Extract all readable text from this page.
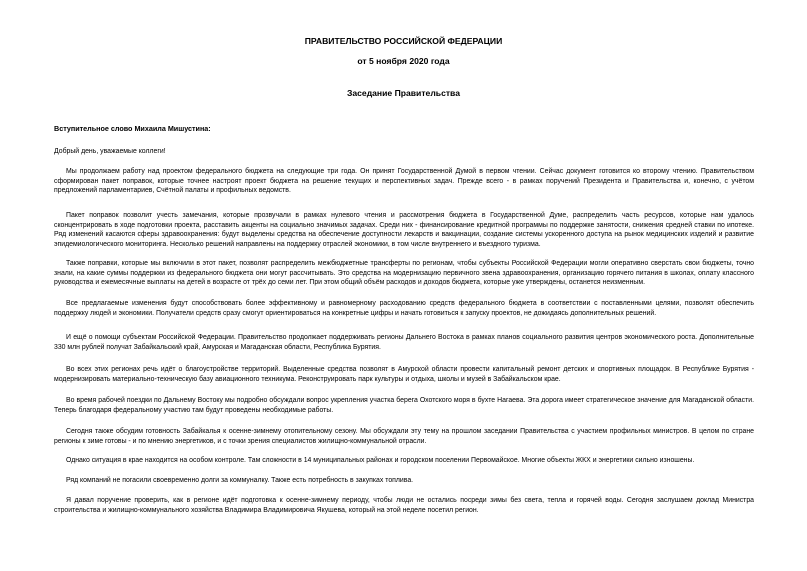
ПРАВИТЕЛЬСТВО РОССИЙСКОЙ ФЕДЕРАЦИИ
от 5 ноября 2020 года
Заседание Правительства

Вступительное слово Михаила Мишустина:

Добрый день, уважаемые коллеги!

Мы продолжаем работу над проектом федерального бюджета на следующие три года. Он принят Государственной Думой в первом чтении. Сейчас документ готовится ко второму чтению. Правительством сформирован пакет поправок, которые точнее настроят проект бюджета на решение текущих и перспективных задач. Прежде всего - в рамках поручений Президента и Правительства и, конечно, с учётом предложений парламентариев, Счётной палаты и профильных ведомств.

Пакет поправок позволит учесть замечания, которые прозвучали в рамках нулевого чтения и рассмотрения бюджета в Государственной Думе, распределить часть ресурсов, которые нам удалось сконцентрировать в ходе подготовки проекта, расставить акценты на социально значимых задачах. Среди них - финансирование кредитной программы по поддержке занятости, снижения средней ставки по ипотеке. Ряд изменений касаются сферы здравоохранения: будут выделены средства на обеспечение доступности лекарств и вакцинации, создание системы ускоренного доступа на рынок медицинских изделий и развитие эпидемиологического мониторинга. Несколько решений направлены на поддержку отраслей экономики, в том числе внутреннего и въездного туризма.

Также поправки, которые мы включили в этот пакет, позволят распределить межбюджетные трансферты по регионам, чтобы субъекты Российской Федерации могли оперативно сверстать свои бюджеты, точно знали, на какие суммы поддержки из федерального бюджета они могут рассчитывать. Это средства на модернизацию первичного звена здравоохранения, организацию горячего питания в школах, оплату классного руководства и ежемесячные выплаты на детей в возрасте от трёх до семи лет. При этом общий объём расходов и доходов бюджета, которые уже утверждены, останется неизменным.

Все предлагаемые изменения будут способствовать более эффективному и равномерному расходованию средств федерального бюджета в соответствии с поставленными целями, позволят обеспечить поддержку людей и экономики. Получатели средств сразу смогут ориентироваться на конкретные цифры и начать готовиться к запуску проектов, не дожидаясь дополнительных решений.

И ещё о помощи субъектам Российской Федерации. Правительство продолжает поддерживать регионы Дальнего Востока в рамках планов социального развития центров экономического роста. Дополнительные 330 млн рублей получат Забайкальский край, Амурская и Магаданская области, Республика Бурятия.

Во всех этих регионах речь идёт о благоустройстве территорий. Выделенные средства позволят в Амурской области провести капитальный ремонт детских и спортивных площадок. В Республике Бурятия - модернизировать материально-техническую базу авиационного техникума. Реконструировать парк культуры и отдыха, школы и музей в Забайкальском крае.

Во время рабочей поездки по Дальнему Востоку мы подробно обсуждали вопрос укрепления участка берега Охотского моря в бухте Нагаева. Эта дорога имеет стратегическое значение для Магаданской области. Теперь благодаря федеральному участию там будут проведены необходимые работы.

Сегодня также обсудим готовность Забайкалья к осенне-зимнему отопительному сезону. Мы обсуждали эту тему на прошлом заседании Правительства с участием профильных министров. В целом по стране регионы к зиме готовы - и по мнению энергетиков, и с точки зрения специалистов жилищно-коммунальной отрасли.

Однако ситуация в крае находится на особом контроле. Там сложности в 14 муниципальных районах и городском поселении Первомайское. Многие объекты ЖКХ и энергетики сильно изношены.

Ряд компаний не погасили своевременно долги за коммуналку. Также есть потребность в закупках топлива.

Я давал поручение проверить, как в регионе идёт подготовка к осенне-зимнему периоду, чтобы люди не остались посреди зимы без света, тепла и горячей воды. Сегодня заслушаем доклад Министра строительства и жилищно-коммунального хозяйства Владимира Владимировича Якушева, который на этой неделе посетил регион.
